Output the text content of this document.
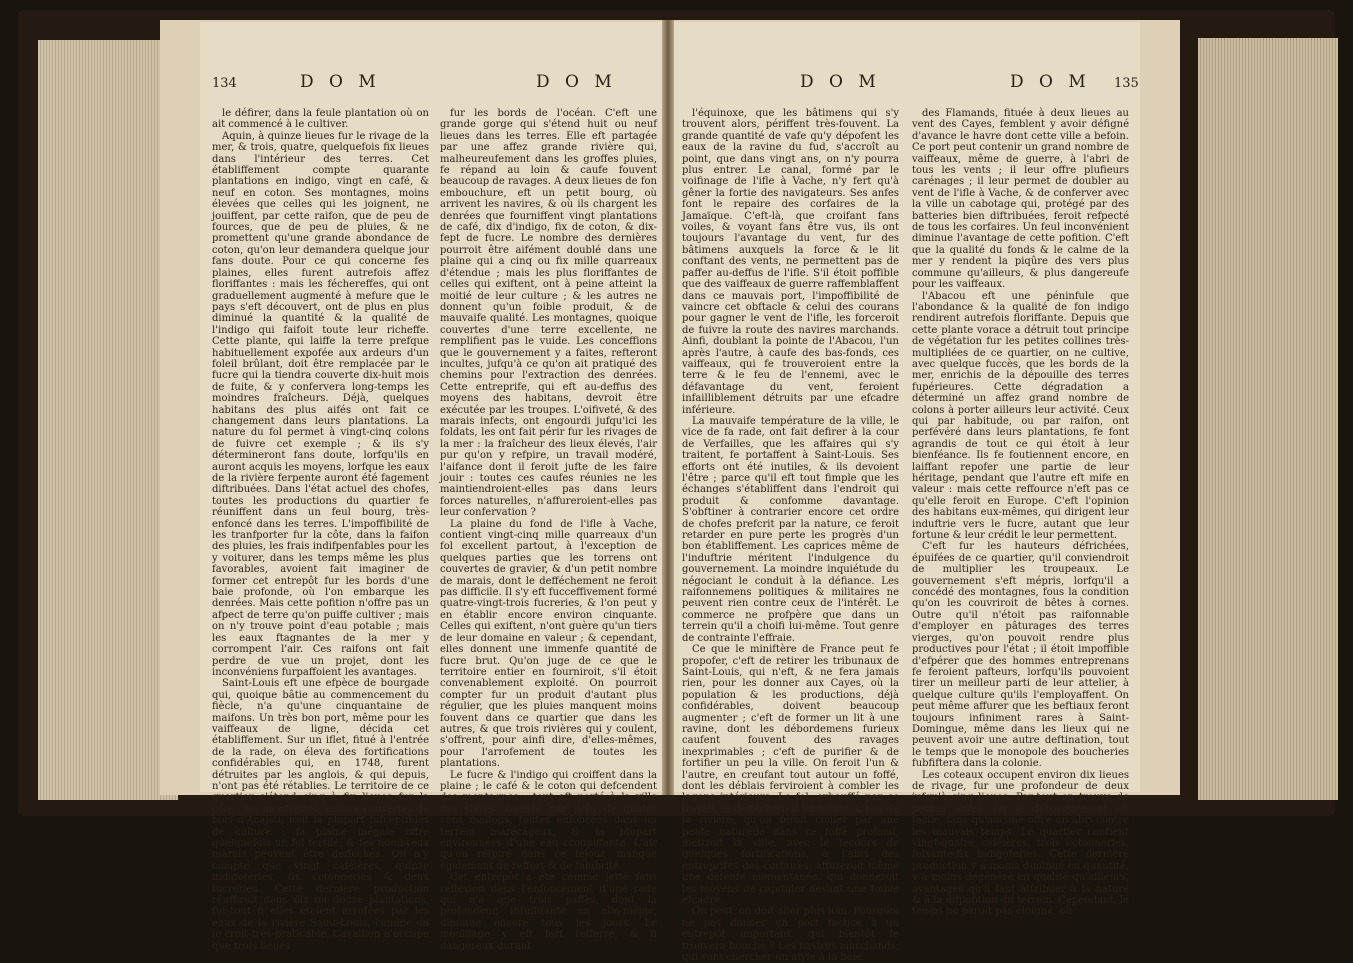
134	D O M	D O M

le défirer, dans la feule plantation où on ait commencé à le cultiver.

Aquin, à quinze lieues fur le rivage de la mer, & trois, quatre, quelquefois fix lieues dans l'intérieur des terres. Cet établiffement compte quarante plantations en indigo, vingt en café, & neuf en coton. Ses montagnes, moins élevées que celles qui les joignent, ne jouiffent, par cette raifon, que de peu de fources, que de peu de pluies, & ne promettent qu'une grande abondance de coton, qu'on leur demandera quelque jour fans doute. Pour ce qui concerne fes plaines, elles furent autrefois affez floriffantes : mais les féchereffes, qui ont graduellement augmenté à mefure que le pays s'eft découvert, ont de plus en plus diminué la quantité & la qualité de l'indigo qui faifoit toute leur richeffe. Cette plante, qui laiffe la terre prefque habituellement expofée aux ardeurs d'un foleil brûlant, doit être remplacée par le fucre qui la tiendra couverte dix-huit mois de fuite, & y confervera long-temps les moindres fraîcheurs. Déjà, quelques habitans des plus aifés ont fait ce changement dans leurs plantations. La nature du fol permet à vingt-cinq colons de fuivre cet exemple ; & ils s'y détermineront fans doute, lorfqu'ils en auront acquis les moyens, lorfque les eaux de la rivière ferpente auront été fagement diftribuées. Dans l'état actuel des chofes, toutes les productions du quartier fe réuniffent dans un feul bourg, très-enfoncé dans les terres. L'impoffibilité de les tranfporter fur la côte, dans la faifon des pluies, les frais indifpenfables pour les y voiturer, dans les temps même les plus favorables, avoient fait imaginer de former cet entrepôt fur les bords d'une baie profonde, où l'on embarque les denrées. Mais cette pofition n'offre pas un afpect de terre qu'on puiffe cultiver ; mais on n'y trouve point d'eau potable ; mais les eaux ftagnantes de la mer y corrompent l'air. Ces raifons ont fait perdre de vue un projet, dont les inconvéniens furpaffoient les avantages.

Saint-Louis eft une efpèce de bourgade qui, quoique bâtie au commencement du fiècle, n'a qu'une cinquantaine de maifons. Un très bon port, même pour les vaiffeaux de ligne, décida cet établiffement. Sur un iflet, fitué à l'entrée de la rade, on éleva des fortifications confidérables qui, en 1748, furent détruites par les anglois, & qui depuis, n'ont pas été rétablies. Le territoire de ce quartier s'étend cinq à fix lieues fur la côte ; fes montagnes, encore couvertes de bois d'Acajou, font la plupart fufceptibles de culture ; fa plaine inégale offre quelquefois un fol fertile, & fes nombreux marais peuvent être defféchés. On n'y compte que vingt caféières, quinze indigoteries, fix cotonneries & deux fucreries. Cette dernière production réuffiroit dans dix ou douze plantations, fur-tout fi elles étoient arrofées par les eaux de la rivière Saint-Louis, comme on le croit très-praticable. Cavaillon n'occupe que trois lieues

fur les bords de l'océan. C'eft une grande gorge qui s'étend huit ou neuf lieues dans les terres. Elle eft partagée par une affez grande rivière qui, malheureufement dans les groffes pluies, fe répand au loin & caufe fouvent beaucoup de ravages. A deux lieues de fon embouchure, eft un petit bourg, où arrivent les navires, & où ils chargent les denrées que fourniffent vingt plantations de café, dix d'indigo, fix de coton, & dix-fept de fucre. Le nombre des dernières pourroit être aifément doublé dans une plaine qui a cinq ou fix mille quarreaux d'étendue ; mais les plus floriffantes de celles qui exiftent, ont à peine atteint la moitié de leur culture ; & les autres ne donnent qu'un foible produit, & de mauvaife qualité. Les montagnes, quoique couvertes d'une terre excellente, ne remplifient pas le vuide. Les conceffions que le gouvernement y a faites, refteront incultes, jufqu'à ce qu'on ait pratiqué des chemins pour l'extraction des denrées. Cette entreprife, qui eft au-deffus des moyens des habitans, devroit être exécutée par les troupes. L'oifiveté, & des marais infects, ont engourdi jufqu'ici les foldats, les ont fait périr fur les rivages de la mer : la fraîcheur des lieux élevés, l'air pur qu'on y refpire, un travail modéré, l'aifance dont il feroit jufte de les faire jouir : toutes ces caufes réunies ne les maintiendroient-elles pas dans leurs forces naturelles, n'affureroient-elles pas leur confervation ?

La plaine du fond de l'ifle à Vache, contient vingt-cinq mille quarreaux d'un fol excellent partout, à l'exception de quelques parties que les torrens ont couvertes de gravier, & d'un petit nombre de marais, dont le defféchement ne feroit pas difficile. Il s'y eft fucceffivement formé quatre-vingt-trois fucreries, & l'on peut y en établir encore environ cinquante. Celles qui exiftent, n'ont guère qu'un tiers de leur domaine en valeur ; & cependant, elles donnent une immenfe quantité de fucre brut. Qu'on juge de ce que le territoire entier en fourniroit, s'il étoit convenablement exploité. On pourroit compter fur un produit d'autant plus régulier, que les pluies manquent moins fouvent dans ce quartier que dans les autres, & que trois rivières qui y coulent, s'offrent, pour ainfi dire, d'elles-mêmes, pour l'arrofement de toutes les plantations.

Le fucre & l'indigo qui croiffent dans la plaine ; le café & le coton qui defcendent des montagnes : tout eft porté à la ville des Cayes, formée par près de quatre cens maifons, toutes enfoncées dans un terrein marécageux, & la plupart environnées d'une eau croupiffante. L'air qu'on refpire dans ce féjour, manque également de reffort & de falubrité.

Cet entrepôt a été comme jetté fans réflexion dans l'enfoncement d'une rade qui n'a que trois paffes, dont la profondeur, infuffifante en elle-même, diminue encore tous les jours. Le mouillage y eft fort refferré, & fi dangereux durant

D O M	D O M 135

l'équinoxe, que les bâtimens qui s'y trouvent alors, périffent très-fouvent. La grande quantité de vafe qu'y dépofent les eaux de la ravine du fud, s'accroît au point, que dans vingt ans, on n'y pourra plus entrer. Le canal, formé par le voifinage de l'ifle à Vache, n'y fert qu'à gêner la fortie des navigateurs. Ses anfes font le repaire des corfaires de la Jamaïque. C'eft-là, que croifant fans voiles, & voyant fans être vus, ils ont toujours l'avantage du vent, fur des bâtimens auxquels la force & le lit conftant des vents, ne permettent pas de paffer au-deffus de l'ifle. S'il étoit poffible que des vaiffeaux de guerre raffemblaffent dans ce mauvais port, l'impoffibilité de vaincre cet obftacle & celui des courans pour gagner le vent de l'ifle, les forceroit de fuivre la route des navires marchands. Ainfi, doublant la pointe de l'Abacou, l'un après l'autre, à caufe des bas-fonds, ces vaiffeaux, qui fe trouveroient entre la terre & le feu de l'ennemi, avec le défavantage du vent, feroient infailliblement détruits par une efcadre inférieure.

La mauvaife température de la ville, le vice de fa rade, ont fait defirer à la cour de Verfailles, que les affaires qui s'y traitent, fe portaffent à Saint-Louis. Ses efforts ont été inutiles, & ils devoient l'être ; parce qu'il eft tout fimple que les échanges s'établiffent dans l'endroit qui produit & confomme davantage. S'obftiner à contrarier encore cet ordre de chofes prefcrit par la nature, ce feroit retarder en pure perte les progrès d'un bon établiffement. Les caprices même de l'induftrie méritent l'indulgence du gouvernement. La moindre inquiétude du négociant le conduit à la défiance. Les raifonnemens politiques & militaires ne peuvent rien contre ceux de l'intérêt. Le commerce ne profpère que dans un terrein qu'il a choifi lui-même. Tout genre de contrainte l'effraie.

Ce que le miniftère de France peut fe propofer, c'eft de retirer les tribunaux de Saint-Louis, qui n'eft, & ne fera jamais rien, pour les donner aux Cayes, où la population & les productions, déjà confidérables, doivent beaucoup augmenter ; c'eft de former un lit à une ravine, dont les débordemens furieux caufent fouvent des ravages inexprimables ; c'eft de purifier & de fortifier un peu la ville. On feroit l'un & l'autre, en creufant tout autour un foffé, dont les déblais ferviroient à combler les lagons intérieurs. Le fol, exhauffé par ce travail, fe defféchero it lui-même. L'eau de la rivière, qu'on feroit couler par une pente naturelle dans ce foffé profond, mettroit la ville, avec le fecours de quelques fortifications, à l'abri des entreprifes des corfaires, affureroit même une défenfe momentanée, qui donneroit les moyens de capituler devant une foible efcadre.

On peut, on doit aller plus loin. Pourquoi ne pas donner un port factice à un entrepôt important, qui bientôt fe trouvera bouché ? Les navires marchands, qui vont chercher un afyle à la baie

des Flamands, fituée à deux lieues au vent des Cayes, femblent y avoir défigné d'avance le havre dont cette ville a befoin. Ce port peut contenir un grand nombre de vaiffeaux, même de guerre, à l'abri de tous les vents ; il leur offre plufieurs carénages ; il leur permet de doubler au vent de l'ifle à Vache, & de conferver avec la ville un cabotage qui, protégé par des batteries bien diftribuées, feroit refpecté de tous les corfaires. Un feul inconvénient diminue l'avantage de cette pofition. C'eft que la qualité du fonds & le calme de la mer y rendent la piqûre des vers plus commune qu'ailleurs, & plus dangereufe pour les vaiffeaux.

l'Abacou eft une péninfule que l'abondance & la qualité de fon indigo rendirent autrefois floriffante. Depuis que cette plante vorace a détruit tout principe de végétation fur les petites collines très-multipliées de ce quartier, on ne cultive, avec quelque fuccès, que les bords de la mer, enrichis de la dépouille des terres fupérieures. Cette dégradation a déterminé un affez grand nombre de colons à porter ailleurs leur activité. Ceux qui par habitude, ou par raifon, ont perfévéré dans leurs plantations, fe font agrandis de tout ce qui étoit à leur bienféance. Ils fe foutiennent encore, en laiffant repofer une partie de leur héritage, pendant que l'autre eft mife en valeur : mais cette reffource n'eft pas ce qu'elle feroit en Europe. C'eft l'opinion des habitans eux-mêmes, qui dirigent leur induftrie vers le fucre, autant que leur fortune & leur crédit le leur permettent.

C'eft fur les hauteurs défrichées, épuifées de ce quartier, qu'il conviendroit de multiplier les troupeaux. Le gouvernement s'eft mépris, lorfqu'il a concédé des montagnes, fous la condition qu'on les couvriroit de bêtes à cornes. Outre qu'il n'étoit pas raifonnable d'employer en pâturages des terres vierges, qu'on pouvoit rendre plus productives pour l'état ; il étoit impoffible d'efpérer que des hommes entreprenans fe feroient pafteurs, lorfqu'ils pouvoient tirer un meilleur parti de leur attelier, à quelque culture qu'ils l'employaffent. On peut même affurer que les beftiaux feront toujours infiniment rares à Saint-Domingue, même dans les lieux qui ne peuvent avoir une autre deftination, tout le temps que le monopole des boucheries fubfiftera dans la colonie.

Les coteaux occupent environ dix lieues de rivage, fur une profondeur de deux jufqu'à cinq lieues. Par-tout on trouve de petites anfes, où le débarquement eft facile, fans qu'aucune offre un abri contre les mauvais temps. Le quartier contient vingt-quatre caféières, trois cotonneries, foixante-fix indigoteries. Cette dernière production y a moins diminué en quantité, y a moins dégénéré en qualité qu'ailleurs, avantages qu'il faut attribuer à la nature & à la difpofition du terrein. Cependant, le temps ne paroît pas éloigné, où
